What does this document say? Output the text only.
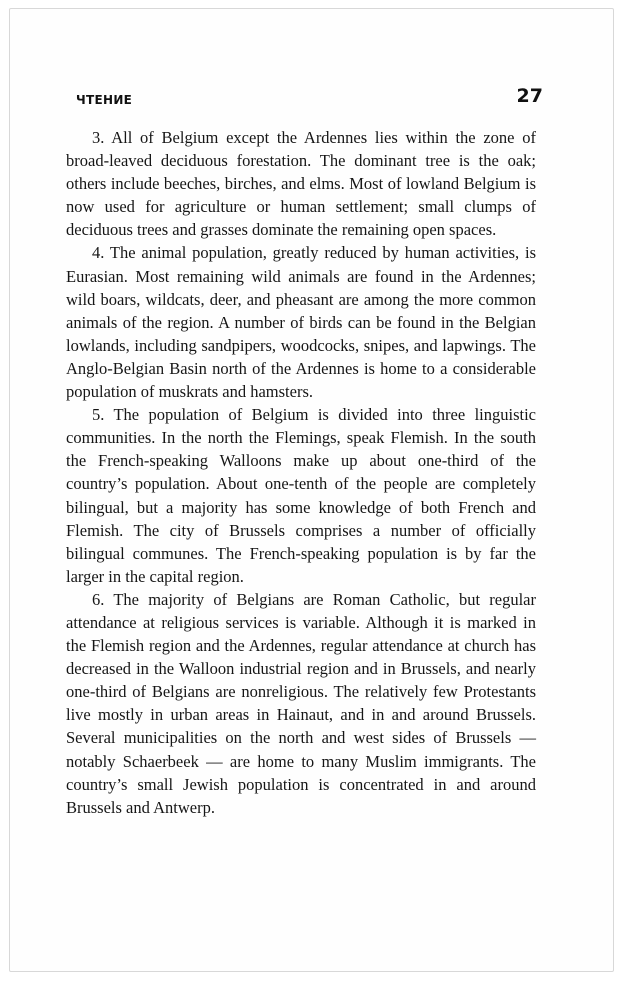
ЧТЕНИЕ	27

3. All of Belgium except the Ardennes lies within the zone of broad-leaved deciduous forestation. The dominant tree is the oak; others include beeches, birches, and elms. Most of lowland Belgium is now used for agriculture or human settlement; small clumps of deciduous trees and grasses dominate the remaining open spaces.

4. The animal population, greatly reduced by human activities, is Eurasian. Most remaining wild animals are found in the Ardennes; wild boars, wildcats, deer, and pheasant are among the more common animals of the region. A number of birds can be found in the Belgian lowlands, including sandpipers, woodcocks, snipes, and lapwings. The Anglo-Belgian Basin north of the Ardennes is home to a considerable population of muskrats and hamsters.

5. The population of Belgium is divided into three linguistic communities. In the north the Flemings, speak Flemish. In the south the French-speaking Walloons make up about one-third of the country’s population. About one-tenth of the people are completely bilingual, but a majority has some knowledge of both French and Flemish. The city of Brussels comprises a number of officially bilingual communes. The French-speaking population is by far the larger in the capital region.

6. The majority of Belgians are Roman Catholic, but regular attendance at religious services is variable. Although it is marked in the Flemish region and the Ardennes, regular attendance at church has decreased in the Walloon industrial region and in Brussels, and nearly one-third of Belgians are nonreligious. The relatively few Protestants live mostly in urban areas in Hainaut, and in and around Brussels. Several municipalities on the north and west sides of Brussels — notably Schaerbeek — are home to many Muslim immigrants. The country’s small Jewish population is concentrated in and around Brussels and Antwerp.
